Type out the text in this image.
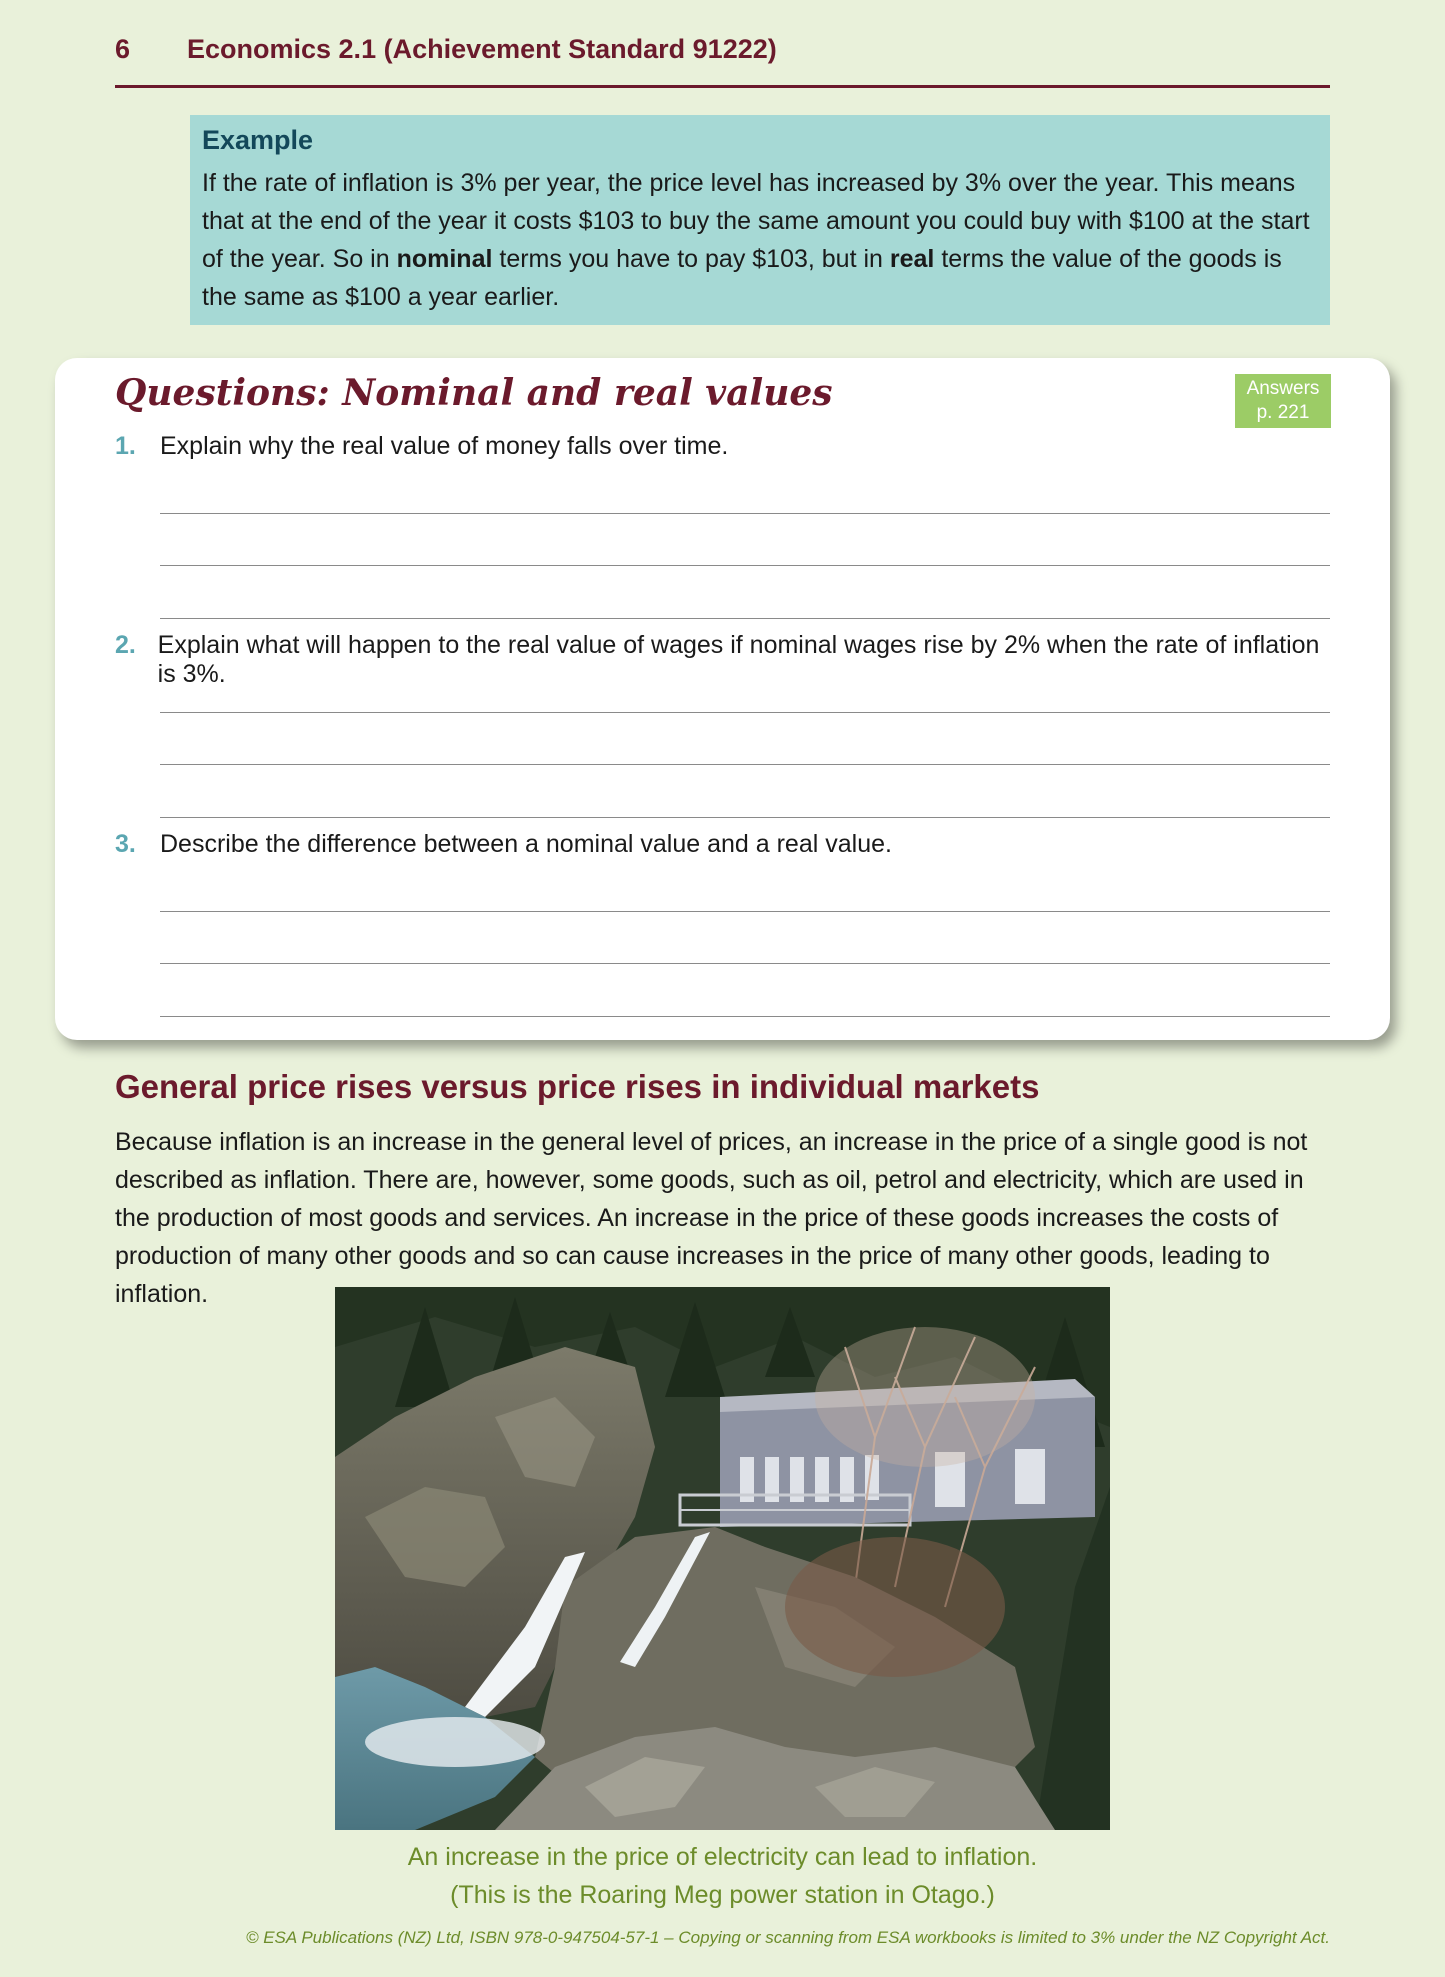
6	Economics 2.1 (Achievement Standard 91222)
Example

If the rate of inflation is 3% per year, the price level has increased by 3% over the year. This means that at the end of the year it costs $103 to buy the same amount you could buy with $100 at the start of the year. So in nominal terms you have to pay $103, but in real terms the value of the goods is the same as $100 a year earlier.

Questions: Nominal and real values	Answers
p. 221
1. Explain why the real value of money falls over time.
2. Explain what will happen to the real value of wages if nominal wages rise by 2% when the rate of inflation is 3%.
3. Describe the difference between a nominal value and a real value.
General price rises versus price rises in individual markets
Because inflation is an increase in the general level of prices, an increase in the price of a single good is not described as inflation. There are, however, some goods, such as oil, petrol and electricity, which are used in the production of most goods and services. An increase in the price of these goods increases the costs of production of many other goods and so can cause increases in the price of many other goods, leading to inflation.
An increase in the price of electricity can lead to inflation.
(This is the Roaring Meg power station in Otago.)
© ESA Publications (NZ) Ltd, ISBN 978-0-947504-57-1 – Copying or scanning from ESA workbooks is limited to 3% under the NZ Copyright Act.
